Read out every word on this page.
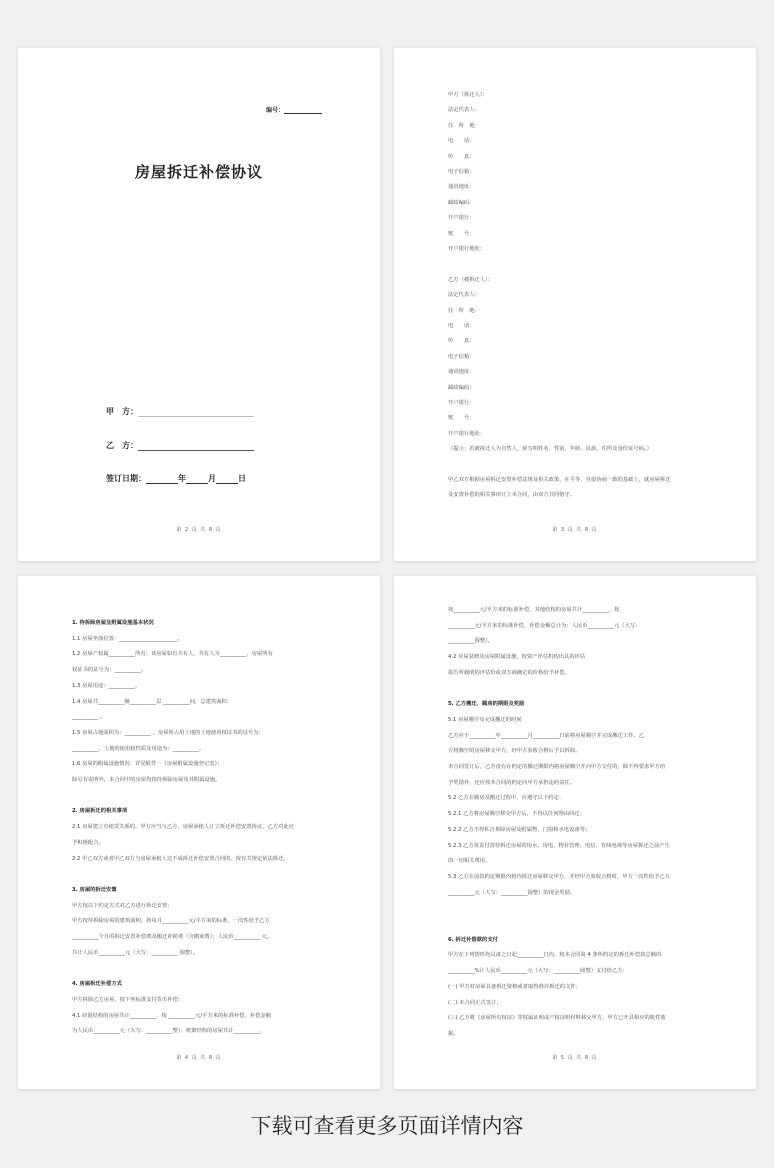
编号：
房屋拆迁补偿协议
甲　方：
乙　方：
签订日期：	年	月	日
第 2 页 共 6 页
甲方（拆迁人）：
法定代表人：
住　所　地：
电　　话：
传　　真：
电子信箱：
通讯地址：
邮政编码：
开户银行：
账　　号：
开户银行地址：
乙方（被拆迁人）：
法定代表人：
住　所　地：
电　　话：
传　　真：
电子信箱：
通讯地址：
邮政编码：
开户银行：
账　　号：
开户银行地址：
（提示：若被拆迁人为自然人，须写明姓名、性别、年龄、民族、住所及身份证号码。）
甲乙双方根据房屋拆迁安置补偿法规及相关政策，在平等、自愿协商一致的基础上，就房屋拆迁
及安置补偿的相关事项订立本合同，由双方共同恪守。
第 3 页 共 6 页
1. 待拆除房屋及附属设施基本状况
1.1 房屋坐落位置：______________________。
1.2 房屋产权属__________所有；该房屋如有共有人，共有人为__________，房屋所有
权证书的证号为：__________。
1.3 房屋用途：__________。
1.4 房屋共__________幢__________层 __________间，总建筑面积：
__________ 。
1.5 房屋占地面积为：__________ ，房屋所占用土地的土地使用权证书的证号为：
__________，土地的使用权性质及用途为：__________。
1.6 房屋的附属设施情况：详见附件一《房屋附属设施登记表》；
除另有说明外，本合同中的房屋均指待拆除房屋及其附属设施。
2. 房屋拆迁的相关事项
2.1 房屋建立有租赁关系的，甲方应当与乙方、房屋承租人订立拆迁补偿安置协议，乙方对此应
予积极配合。
2.2 甲乙双方或者甲乙双方与房屋承租人达不成拆迁补偿安置合同的，按有关规定依法拆迁。
3. 房屋的拆迁安置
甲方按以下约定方式对乙方进行拆迁安置：
甲方按待拆除房屋的建筑面积，按每月__________元/平方米的标准，一次性给予乙方
__________个月的拆迁安置补偿费及搬迁补助费（含搬家费）；人民币__________ 元。
共计人民币__________元（大写：__________ 圆整）。
4. 房屋拆迁补偿方式
甲方拆除乙方房屋，按下列标准支付货币补偿：
4.1 砖混结构的房屋共计__________，按 __________元/平方米的标准补偿，补偿金额
为人民币__________元（大写：__________整）；框架结构的房屋共计__________，
第 4 页 共 6 页
按__________元/平方米的标准补偿，其他结构的房屋共计__________，按
__________元/平方米的标准补偿，补偿金额总计为：人民币__________元（大写：
__________圆整）。
4.2 房屋装修及房屋附属设施，按资产评估机构出具的评估
报告所载明的评估价或双方商确定的价格给予补偿。
5. 乙方搬迁、腾房的期限及奖励
5.1 房屋腾空及完成搬迁的时间
乙方应于__________年__________月__________日前将房屋腾空并完成搬迁工作。乙
方将腾空的房屋移交甲方，经甲方验收合格后予以拆除。
本合同签订后，乙方没有在约定的搬迁期限内将房屋腾空并向甲方交付的，除不得要求甲方给
予奖励外，还应按本合同的约定向甲方承担违约责任。
5.2 乙方在腾房及搬迁过程中，应遵守以下约定：
5.2.1 乙方将房屋腾空移交甲方后，不得以任何理由回迁；
5.2.2 乙方不得私自拆除房屋及附属物，门窗和水电设备等；
5.2.3 乙方负责付清待拆迁房屋的用水、用电、物业管理、电信、有线电视等房屋拆迁之前产生
的一切相关费用。
5.3 乙方在前款约定期限内将待拆迁房屋移交甲方，并经甲方验收合格时，甲方一次性给予乙方
__________元（大写：__________圆整）的现金奖励。
6. 拆迁补偿款的支付
甲方在下列情形均具备之日起__________日内，将本合同第 4 条所约定的拆迁补偿款总额的
__________%计人民币__________元（大写：__________圆整）支付给乙方：
(一) 甲方对房屋具备拆迁资格或者取得准许拆迁的文件；
(二) 本合同正式签订；
(三) 乙方将《房屋所有权证》等权属证明或产权证明材料移交甲方，甲方已开具相应的收件收
据。
第 5 页 共 6 页
下载可查看更多页面详情内容
